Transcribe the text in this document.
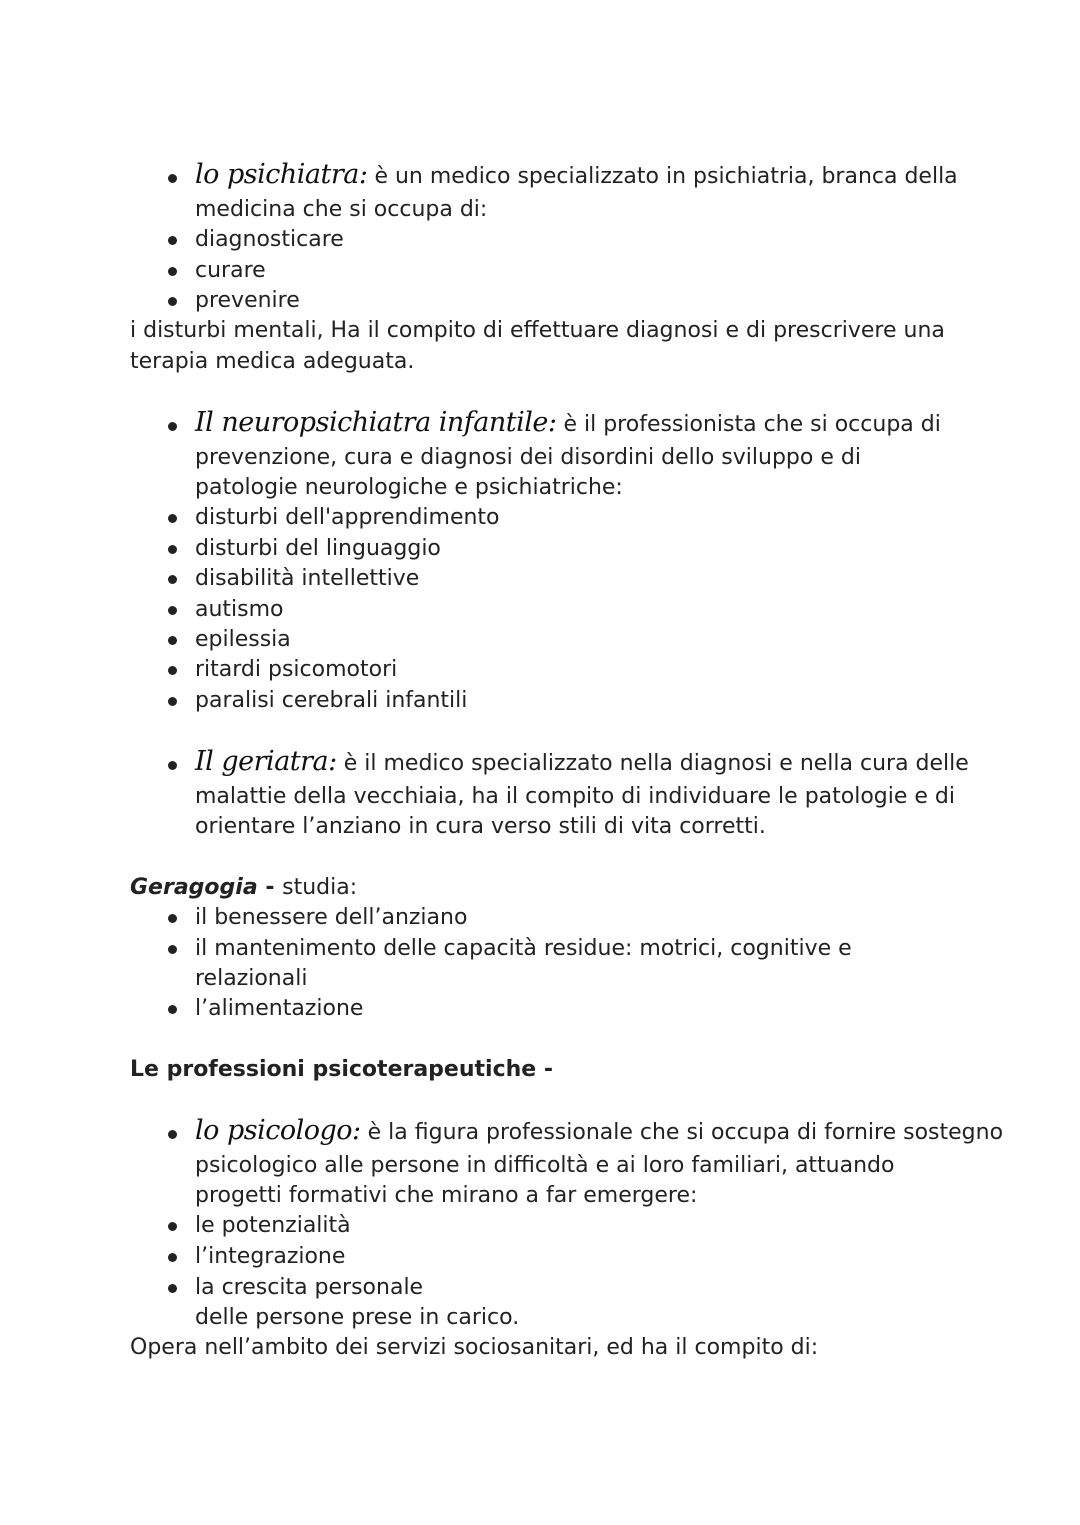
lo psichiatra: è un medico specializzato in psichiatria, branca della
medicina che si occupa di:
diagnosticare
curare
prevenire
i disturbi mentali, Ha il compito di effettuare diagnosi e di prescrivere una
terapia medica adeguata.
Il neuropsichiatra infantile: è il professionista che si occupa di
prevenzione, cura e diagnosi dei disordini dello sviluppo e di
patologie neurologiche e psichiatriche:
disturbi dell'apprendimento
disturbi del linguaggio
disabilità intellettive
autismo
epilessia
ritardi psicomotori
paralisi cerebrali infantili
Il geriatra: è il medico specializzato nella diagnosi e nella cura delle
malattie della vecchiaia, ha il compito di individuare le patologie e di
orientare l’anziano in cura verso stili di vita corretti.
Geragogia - studia:
il benessere dell’anziano
il mantenimento delle capacità residue: motrici, cognitive e
relazionali
l’alimentazione
Le professioni psicoterapeutiche -
lo psicologo: è la figura professionale che si occupa di fornire sostegno
psicologico alle persone in difficoltà e ai loro familiari, attuando
progetti formativi che mirano a far emergere:
le potenzialità
l’integrazione
la crescita personale
delle persone prese in carico.
Opera nell’ambito dei servizi sociosanitari, ed ha il compito di:
